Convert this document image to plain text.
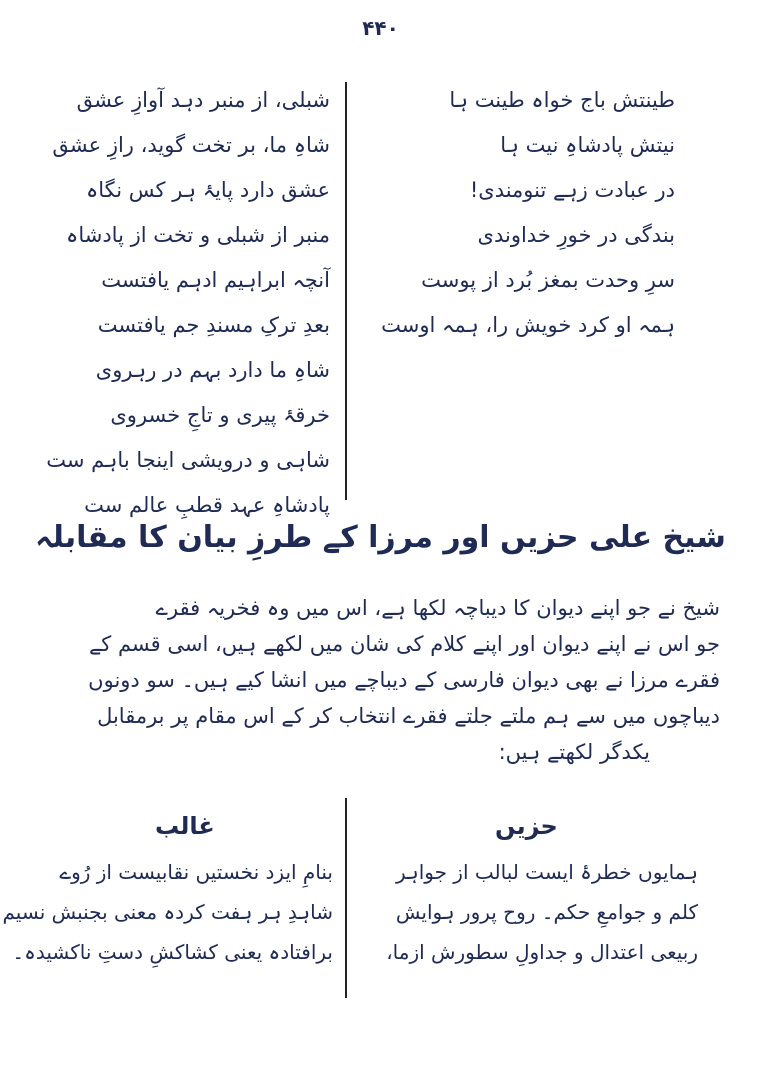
۴۴۰
طینتش باج خواہ طینت ہا
نیتش پادشاہِ نیت ہا
در عبادت زہے تنومندی!
بندگی در خورِ خداوندی
سرِ وحدت بمغز بُرد از پوست
ہمہ او کرد خویش را، ہمہ اوست
شبلی، از منبر دہد آوازِ عشق
شاہِ ما، بر تخت گوید، رازِ عشق
عشق دارد پایۂ ہر کس نگاہ
منبر از شبلی و تخت از پادشاہ
آنچہ ابراہیم ادہم یافتست
بعدِ ترکِ مسندِ جم یافتست
شاہِ ما دارد بہم در رہروی
خرقۂ پیری و تاجِ خسروی
شاہی و درویشی اینجا باہم ست
پادشاہِ عہد قطبِ عالم ست
شیخ علی حزیں اور مرزا کے طرزِ بیان کا مقابلہ
شیخ نے جو اپنے دیوان کا دیباچہ لکھا ہے، اس میں وہ فخریہ فقرے
جو اس نے اپنے دیوان اور اپنے کلام کی شان میں لکھے ہیں، اسی قسم کے
فقرے مرزا نے بھی دیوان فارسی کے دیباچے میں انشا کیے ہیں۔ سو دونوں
دیباچوں میں سے ہم ملتے جلتے فقرے انتخاب کر کے اس مقام پر برمقابل
یکدگر لکھتے ہیں:
حزیں
غالب
ہمایوں خطرۂ ایست لبالب از جواہر
کلم و جوامعِ حکم۔ روح پرور ہوایش
ربیعی اعتدال و جداولِ سطورش ازما،
بنامِ ایزد نخستیں نقابیست از رُوے
شاہدِ ہر ہفت کردہ معنی بجنبش نسیم
برافتادہ یعنی کشاکشِ دستِ ناکشیدہ۔
